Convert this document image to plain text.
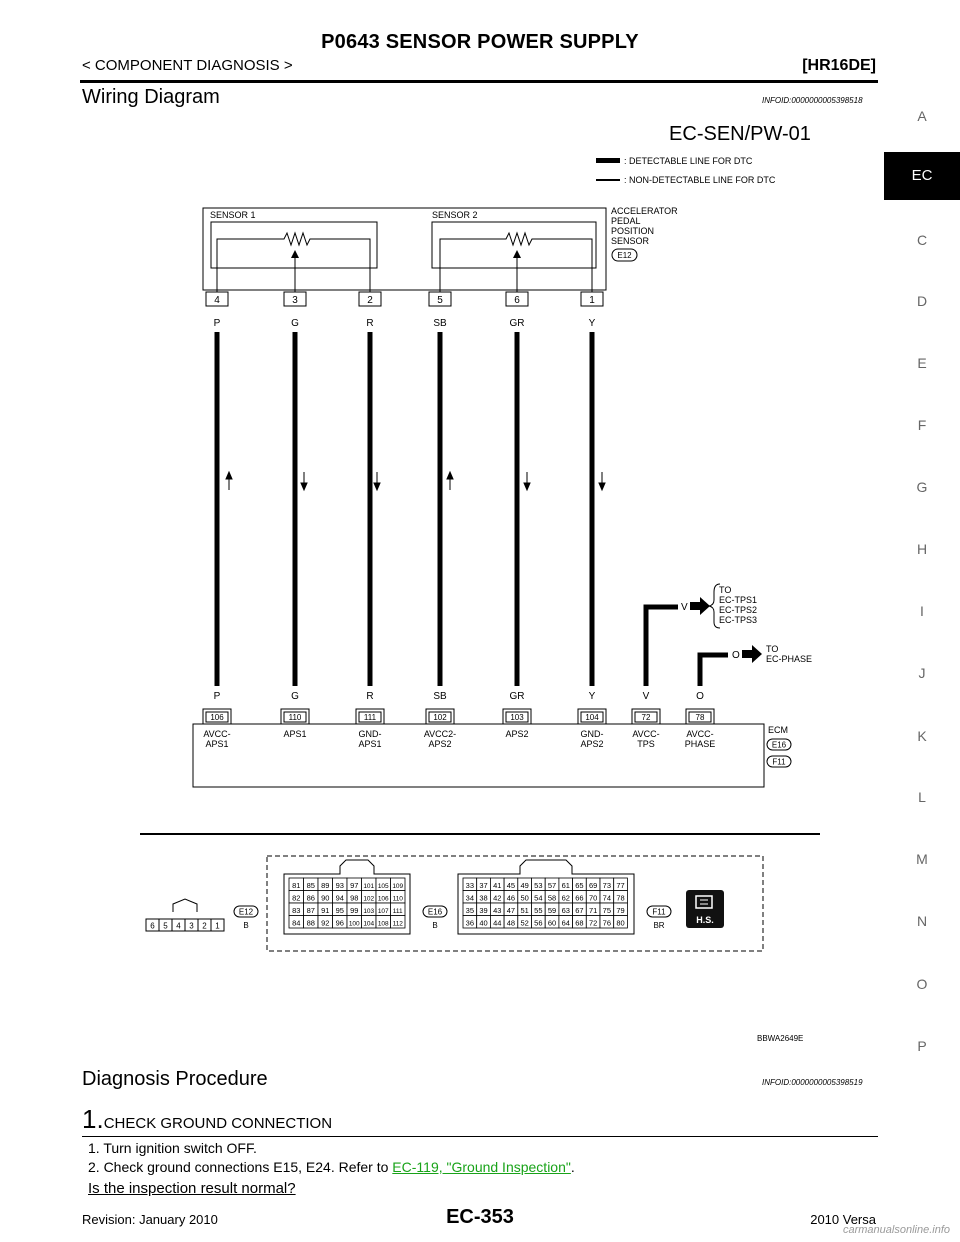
P0643 SENSOR POWER SUPPLY
< COMPONENT DIAGNOSIS >	[HR16DE]
Wiring Diagram	INFOID:0000000005398518
A
EC
C
D
E
F
G
H
I
J
K
L
M
N
O
P
EC-SEN/PW-01
: DETECTABLE LINE FOR DTC
: NON-DETECTABLE LINE FOR DTC
SENSOR 1	SENSOR 2	ACCELERATOR
PEDAL
POSITION
SENSOR
E12
4	3	2	5	6	1
P	G	R	SB	GR	Y
V
TO
EC-TPS1
EC-TPS2
EC-TPS3
O
TO
EC-PHASE
P	G	R	SB	GR	Y	V	O
ECM
E16
F11
106	110	111	102	103	104	72	78
AVCC-
APS1
APS1	GND-
APS1
AVCC2-
APS2
APS2	GND-
APS2
AVCC-
TPS
AVCC-
PHASE
6 5 4 3 2 1
E12
B
81 85 89 93 97 101 105 109
82 86 90 94 98 102 106 110
83 87 91 95 99 103 107 111
84 88 92 96 100 104 108 112
E16
B
33 37 41 45 49 53 57 61 65 69 73 77
34 38 42 46 50 54 58 62 66 70 74 78
35 39 43 47 51 55 59 63 67 71 75 79
36 40 44 48 52 56 60 64 68 72 76 80
F11
BR
H.S.
BBWA2649E
Diagnosis Procedure	INFOID:0000000005398519
1.CHECK GROUND CONNECTION
1. Turn ignition switch OFF.
2. Check ground connections E15, E24. Refer to EC-119, "Ground Inspection".
Is the inspection result normal?
Revision: January 2010	EC-353	2010 Versa
carmanualsonline.info
